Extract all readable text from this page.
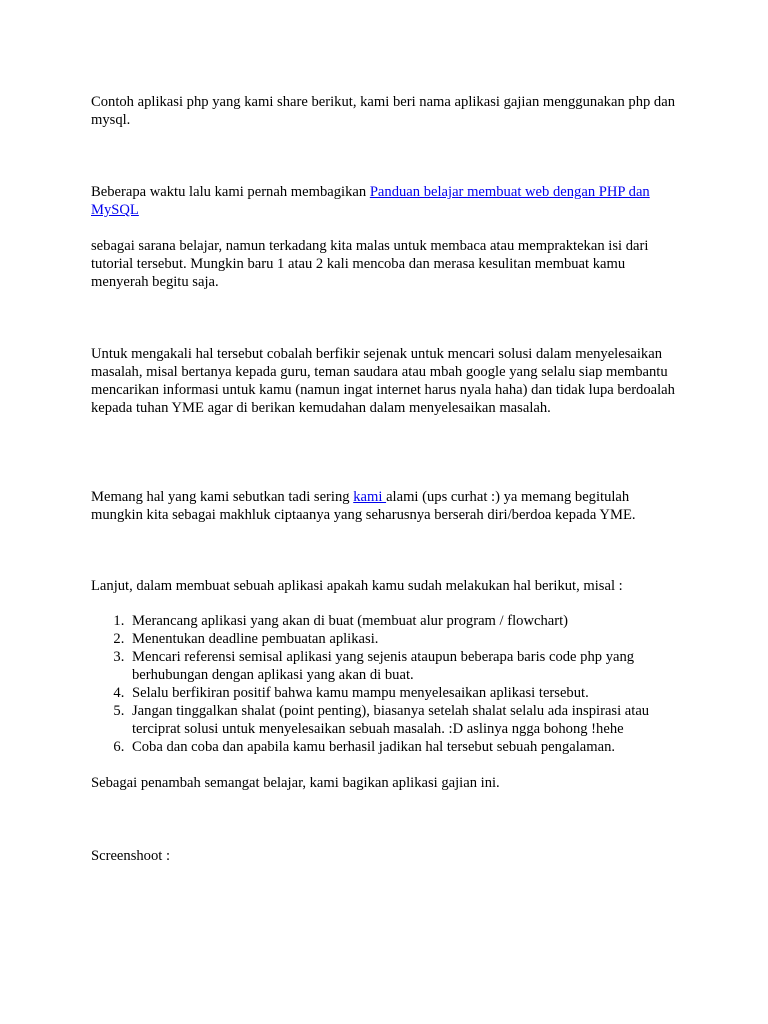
Contoh aplikasi php yang kami share berikut, kami beri nama aplikasi gajian menggunakan php dan mysql.

Beberapa waktu lalu kami pernah membagikan Panduan belajar membuat web dengan PHP dan MySQL

sebagai sarana belajar, namun terkadang kita malas untuk membaca atau mempraktekan isi dari tutorial tersebut. Mungkin baru 1 atau 2 kali mencoba dan merasa kesulitan membuat kamu menyerah begitu saja.

Untuk mengakali hal tersebut cobalah berfikir sejenak untuk mencari solusi dalam menyelesaikan masalah, misal bertanya kepada guru, teman saudara atau mbah google yang selalu siap membantu mencarikan informasi untuk kamu (namun ingat internet harus nyala haha) dan tidak lupa berdoalah kepada tuhan YME agar di berikan kemudahan dalam menyelesaikan masalah.

Memang hal yang kami sebutkan tadi sering kami alami (ups curhat :) ya memang begitulah mungkin kita sebagai makhluk ciptaanya yang seharusnya berserah diri/berdoa kepada YME.

Lanjut, dalam membuat sebuah aplikasi apakah kamu sudah melakukan hal berikut, misal :

1. Merancang aplikasi yang akan di buat (membuat alur program / flowchart)
2. Menentukan deadline pembuatan aplikasi.
3. Mencari referensi semisal aplikasi yang sejenis ataupun beberapa baris code php yang berhubungan dengan aplikasi yang akan di buat.
4. Selalu berfikiran positif bahwa kamu mampu menyelesaikan aplikasi tersebut.
5. Jangan tinggalkan shalat (point penting), biasanya setelah shalat selalu ada inspirasi atau terciprat solusi untuk menyelesaikan sebuah masalah. :D aslinya ngga bohong !hehe
6. Coba dan coba dan apabila kamu berhasil jadikan hal tersebut sebuah pengalaman.

Sebagai penambah semangat belajar, kami bagikan aplikasi gajian ini.

Screenshoot :
